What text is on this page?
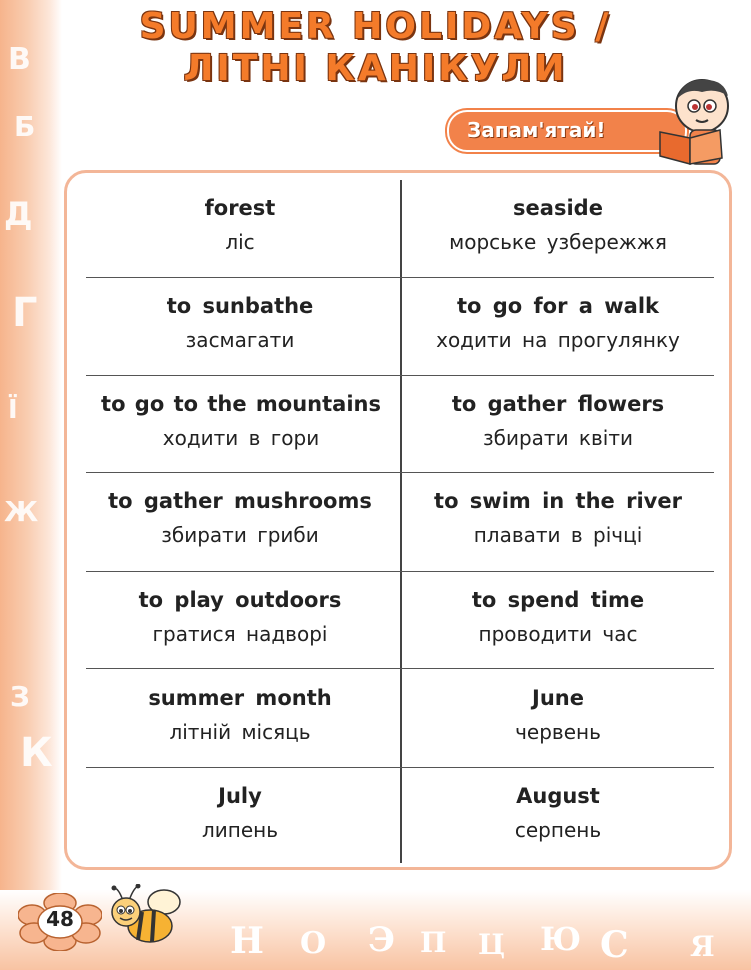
В
Б
Д
Г
Ї
Ж
З
К
Н О Э П Ц Ю С Я
SUMMER HOLIDAYS /
ЛІТНІ КАНІКУЛИ
Запам'ятай!
forest
ліс
seaside
морське узбережжя
to sunbathe
засмагати
to go for a walk
ходити на прогулянку
to go to the mountains
ходити в гори
to gather flowers
збирати квіти
to gather mushrooms
збирати гриби
to swim in the river
плавати в річці
to play outdoors
гратися надворі
to spend time
проводити час
summer month
літній місяць
June
червень
July
липень
August
серпень
48
